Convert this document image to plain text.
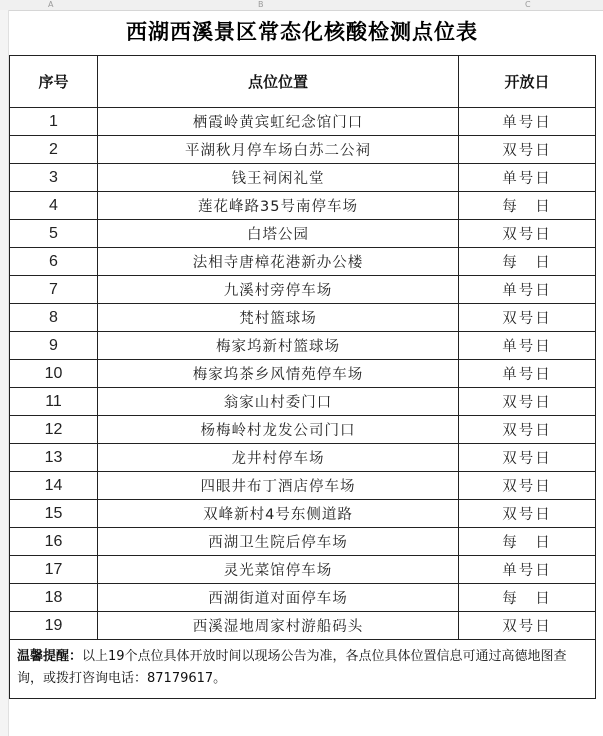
A	B	C
西湖西溪景区常态化核酸检测点位表
序号	点位位置	开放日
1	栖霞岭黄宾虹纪念馆门口	单号日
2	平湖秋月停车场白苏二公祠	双号日
3	钱王祠闲礼堂	单号日
4	莲花峰路35号南停车场	每　日
5	白塔公园	双号日
6	法相寺唐樟花港新办公楼	每　日
7	九溪村旁停车场	单号日
8	梵村篮球场	双号日
9	梅家坞新村篮球场	单号日
10	梅家坞茶乡风情苑停车场	单号日
11	翁家山村委门口	双号日
12	杨梅岭村龙发公司门口	双号日
13	龙井村停车场	双号日
14	四眼井布丁酒店停车场	双号日
15	双峰新村4号东侧道路	双号日
16	西湖卫生院后停车场	每　日
17	灵光菜馆停车场	单号日
18	西湖街道对面停车场	每　日
19	西溪湿地周家村游船码头	双号日
温馨提醒：以上19个点位具体开放时间以现场公告为准，各点位具体位置信息可通过高德地图查询，或拨打咨询电话：87179617。
